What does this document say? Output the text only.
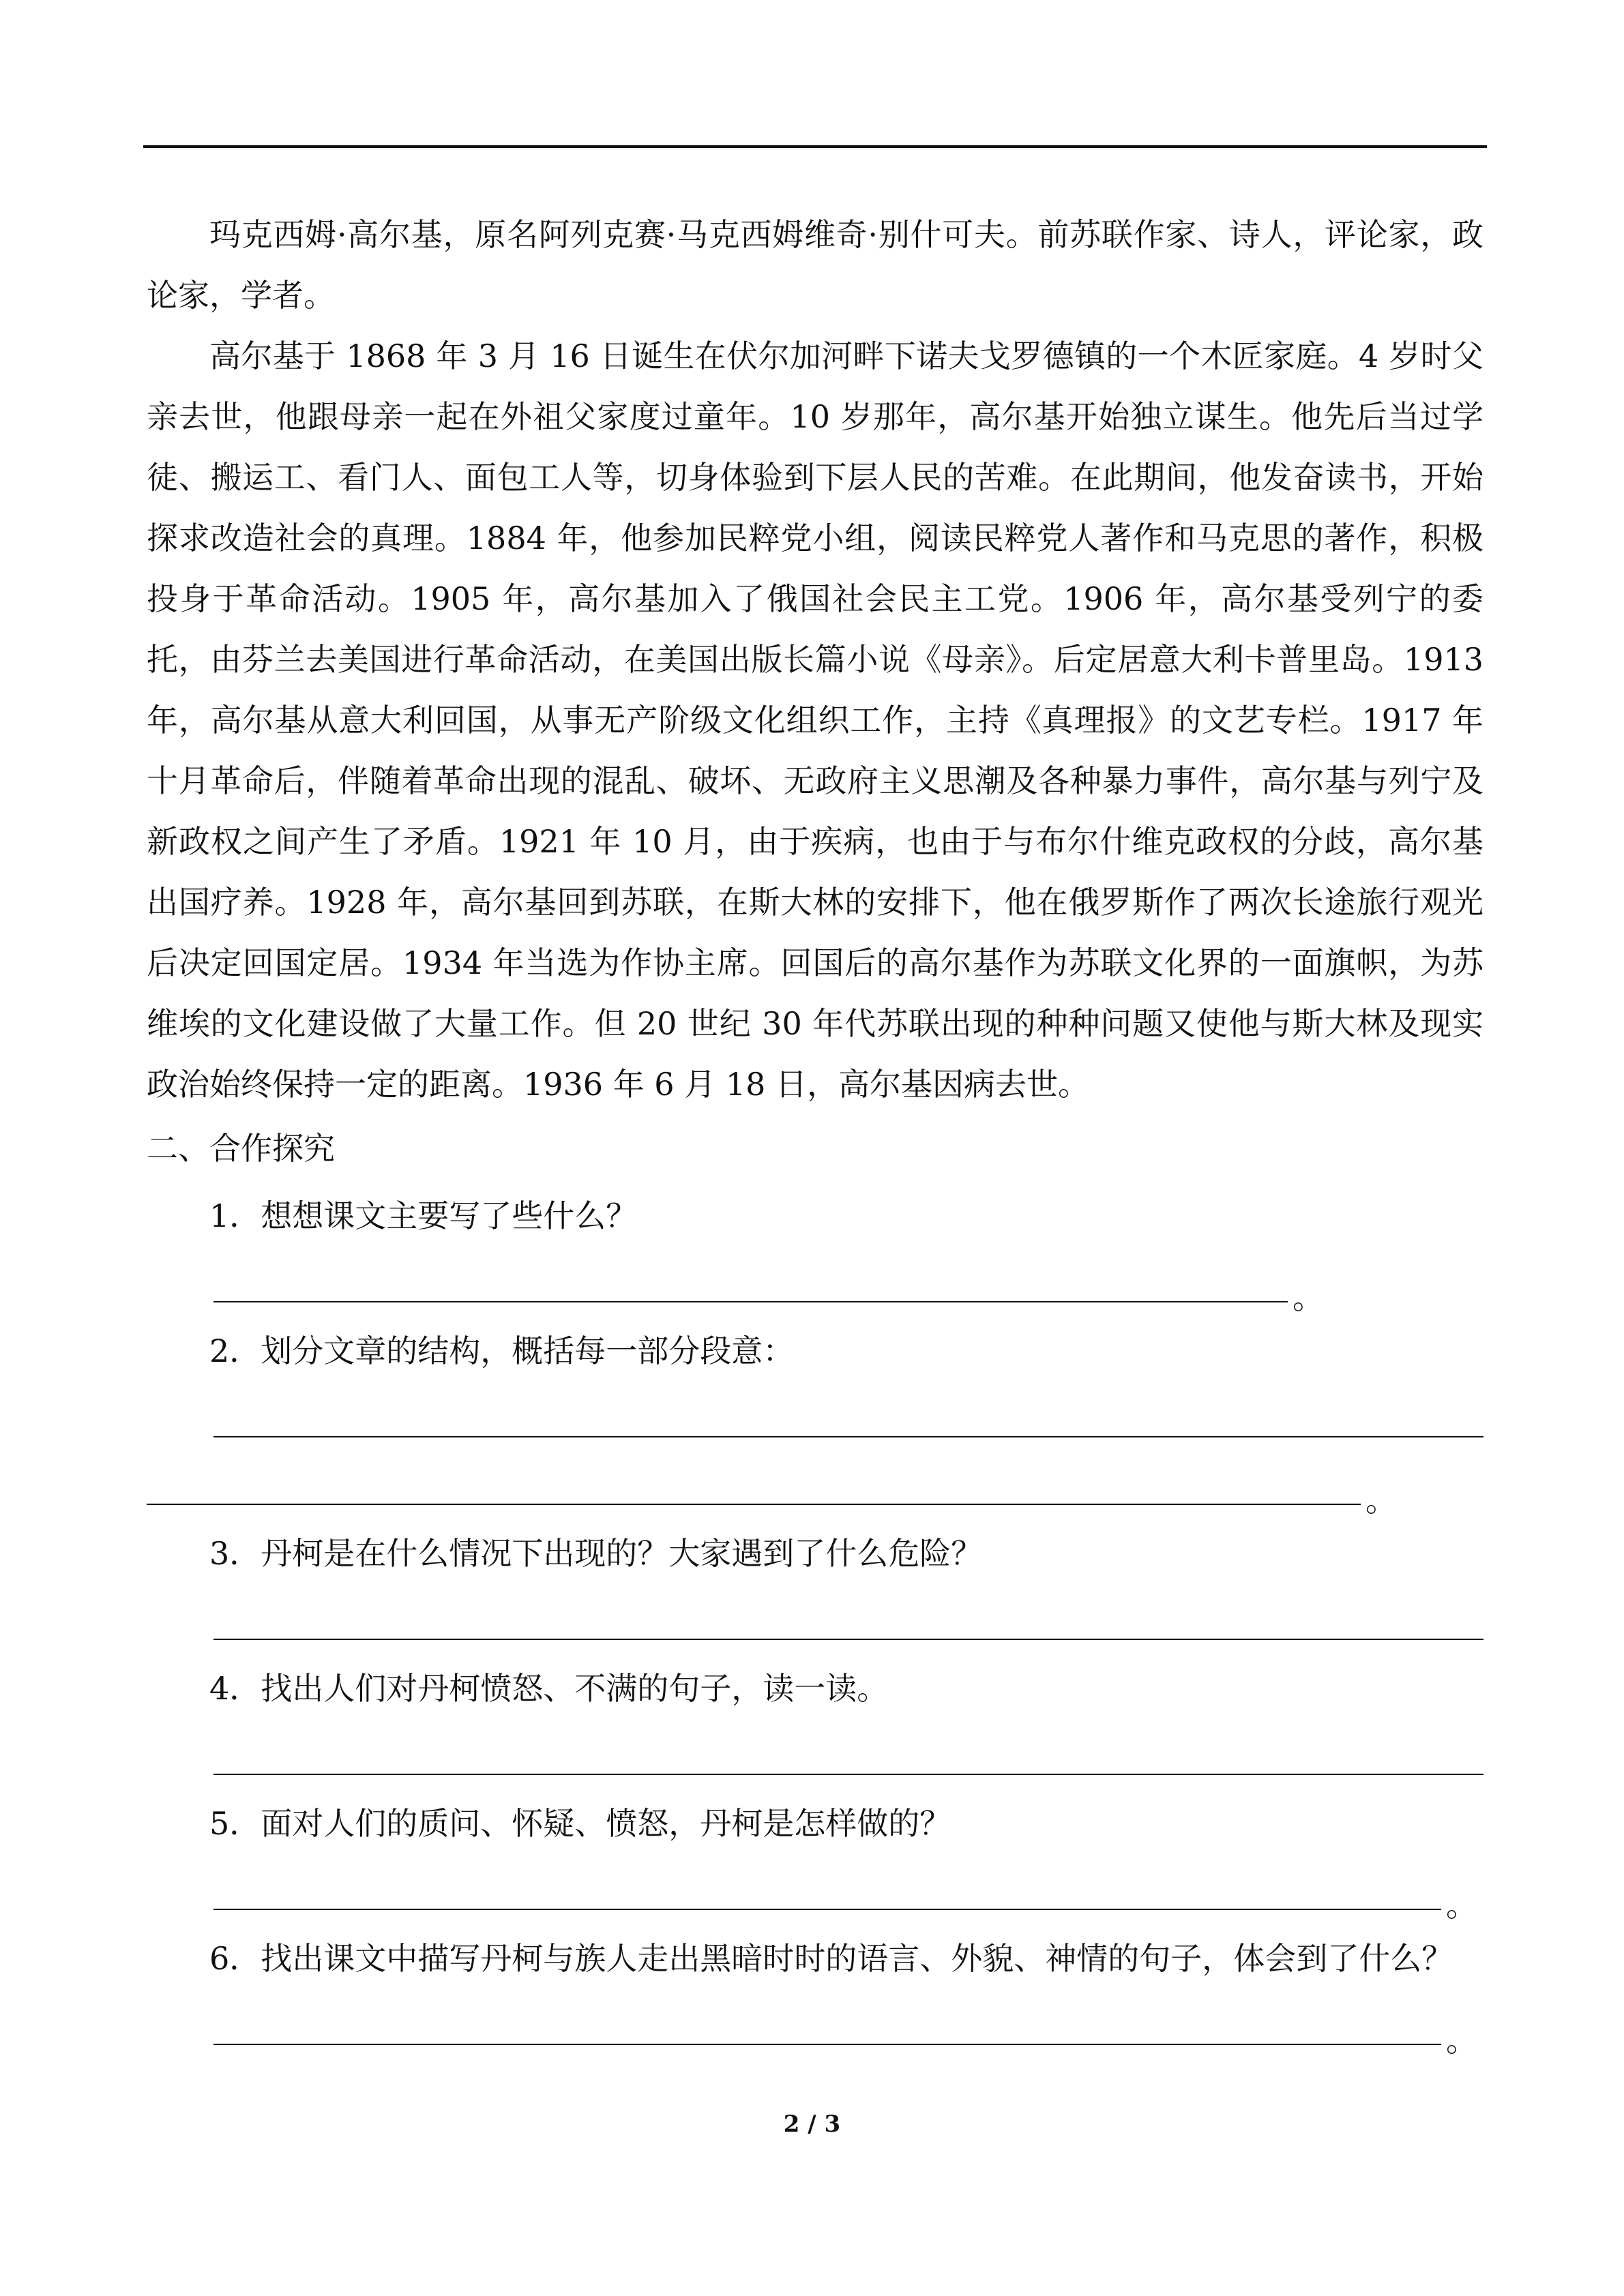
玛克西姆·高尔基，原名阿列克赛·马克西姆维奇·别什可夫。前苏联作家、诗人，评论家，政论家，学者。

高尔基于 1868 年 3 月 16 日诞生在伏尔加河畔下诺夫戈罗德镇的一个木匠家庭。4 岁时父亲去世，他跟母亲一起在外祖父家度过童年。10 岁那年，高尔基开始独立谋生。他先后当过学徒、搬运工、看门人、面包工人等，切身体验到下层人民的苦难。在此期间，他发奋读书，开始探求改造社会的真理。1884 年，他参加民粹党小组，阅读民粹党人著作和马克思的著作，积极投身于革命活动。1905 年，高尔基加入了俄国社会民主工党。1906 年，高尔基受列宁的委托，由芬兰去美国进行革命活动，在美国出版长篇小说《母亲》。后定居意大利卡普里岛。1913 年，高尔基从意大利回国，从事无产阶级文化组织工作，主持《真理报》的文艺专栏。1917 年十月革命后，伴随着革命出现的混乱、破坏、无政府主义思潮及各种暴力事件，高尔基与列宁及新政权之间产生了矛盾。1921 年 10 月，由于疾病，也由于与布尔什维克政权的分歧，高尔基出国疗养。1928 年，高尔基回到苏联，在斯大林的安排下，他在俄罗斯作了两次长途旅行观光后决定回国定居。1934 年当选为作协主席。回国后的高尔基作为苏联文化界的一面旗帜，为苏维埃的文化建设做了大量工作。但 20 世纪 30 年代苏联出现的种种问题又使他与斯大林及现实政治始终保持一定的距离。1936 年 6 月 18 日，高尔基因病去世。

二、合作探究

1．想想课文主要写了些什么？

。

2．划分文章的结构，概括每一部分段意：

。

3．丹柯是在什么情况下出现的？大家遇到了什么危险？

4．找出人们对丹柯愤怒、不满的句子，读一读。

5．面对人们的质问、怀疑、愤怒，丹柯是怎样做的？

。

6．找出课文中描写丹柯与族人走出黑暗时时的语言、外貌、神情的句子，体会到了什么？

。
2 / 3
